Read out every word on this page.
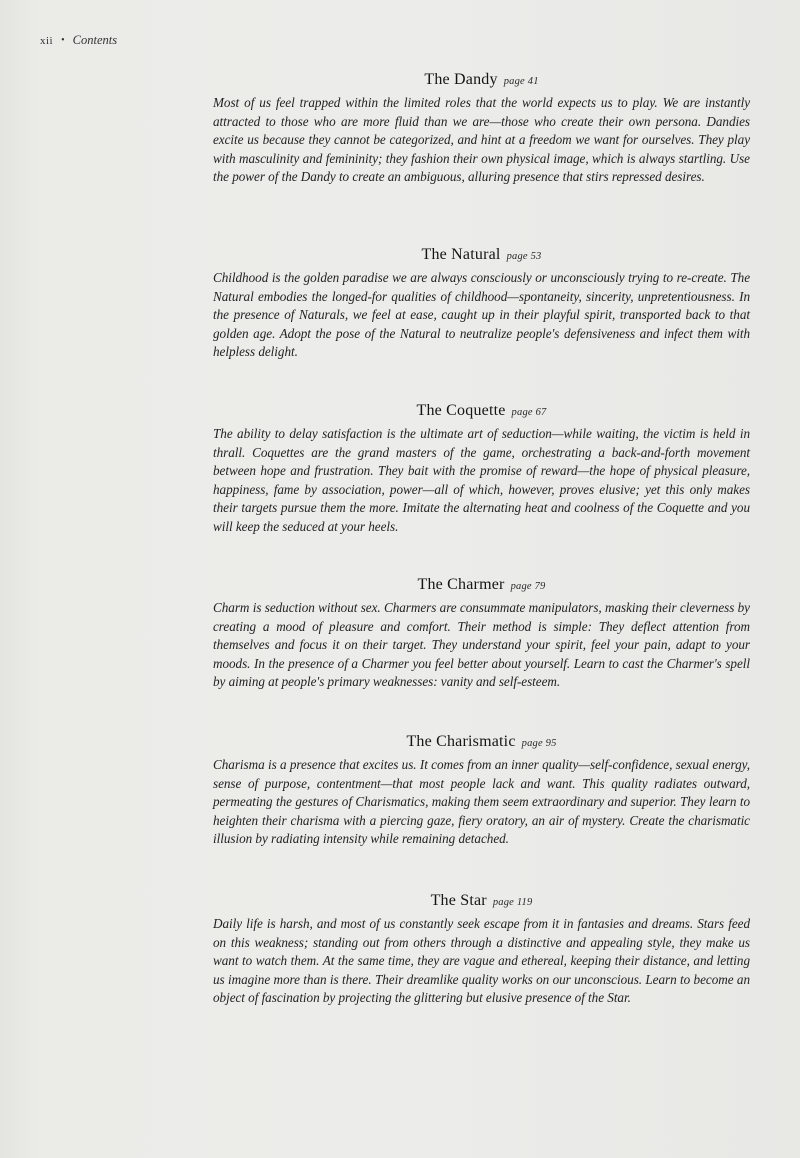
xii • Contents
The Dandy page 41

Most of us feel trapped within the limited roles that the world expects us to play. We are instantly attracted to those who are more fluid than we are—those who create their own persona. Dandies excite us because they cannot be categorized, and hint at a freedom we want for ourselves. They play with masculinity and femininity; they fashion their own physical image, which is always startling. Use the power of the Dandy to create an ambiguous, alluring presence that stirs repressed desires.

The Natural page 53

Childhood is the golden paradise we are always consciously or unconsciously trying to re-create. The Natural embodies the longed-for qualities of childhood—spontaneity, sincerity, unpretentiousness. In the presence of Naturals, we feel at ease, caught up in their playful spirit, transported back to that golden age. Adopt the pose of the Natural to neutralize people's defensiveness and infect them with helpless delight.

The Coquette page 67

The ability to delay satisfaction is the ultimate art of seduction—while waiting, the victim is held in thrall. Coquettes are the grand masters of the game, orchestrating a back-and-forth movement between hope and frustration. They bait with the promise of reward—the hope of physical pleasure, happiness, fame by association, power—all of which, however, proves elusive; yet this only makes their targets pursue them the more. Imitate the alternating heat and coolness of the Coquette and you will keep the seduced at your heels.

The Charmer page 79

Charm is seduction without sex. Charmers are consummate manipulators, masking their cleverness by creating a mood of pleasure and comfort. Their method is simple: They deflect attention from themselves and focus it on their target. They understand your spirit, feel your pain, adapt to your moods. In the presence of a Charmer you feel better about yourself. Learn to cast the Charmer's spell by aiming at people's primary weaknesses: vanity and self-esteem.

The Charismatic page 95

Charisma is a presence that excites us. It comes from an inner quality—self-confidence, sexual energy, sense of purpose, contentment—that most people lack and want. This quality radiates outward, permeating the gestures of Charismatics, making them seem extraordinary and superior. They learn to heighten their charisma with a piercing gaze, fiery oratory, an air of mystery. Create the charismatic illusion by radiating intensity while remaining detached.

The Star page 119

Daily life is harsh, and most of us constantly seek escape from it in fantasies and dreams. Stars feed on this weakness; standing out from others through a distinctive and appealing style, they make us want to watch them. At the same time, they are vague and ethereal, keeping their distance, and letting us imagine more than is there. Their dreamlike quality works on our unconscious. Learn to become an object of fascination by projecting the glittering but elusive presence of the Star.
